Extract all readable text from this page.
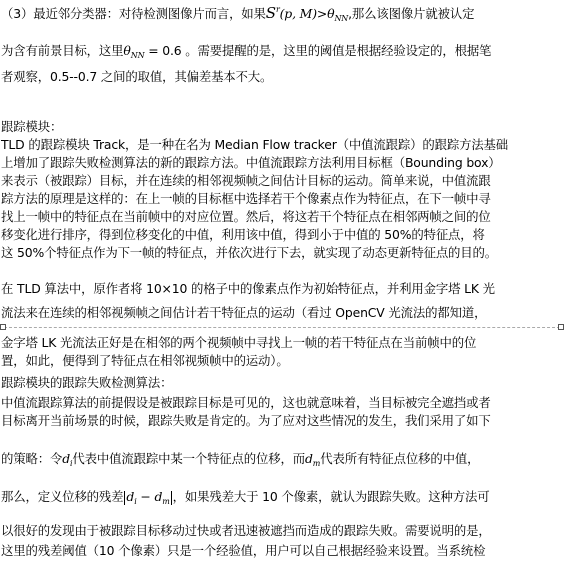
（3）最近邻分类器：对待检测图像片而言，如果$S^r(p$, $M)>\theta_{NN}$,那么该图像片就被认定
为含有前景目标，这里$\theta_{NN} = 0.6$ 。需要提醒的是，这里的阈值是根据经验设定的，根据笔
者观察，0.5--0.7 之间的取值，其偏差基本不大。
跟踪模块：
TLD 的跟踪模块 Track，是一种在名为 Median Flow tracker（中值流跟踪）的跟踪方法基础
上增加了跟踪失败检测算法的新的跟踪方法。中值流跟踪方法利用目标框（Bounding box）
来表示（被跟踪）目标，并在连续的相邻视频帧之间估计目标的运动。简单来说，中值流跟
踪方法的原理是这样的：在上一帧的目标框中选择若干个像素点作为特征点，在下一帧中寻
找上一帧中的特征点在当前帧中的对应位置。然后，将这若干个特征点在相邻两帧之间的位
移变化进行排序，得到位移变化的中值，利用该中值，得到小于中值的 50%的特征点，将
这 50%个特征点作为下一帧的特征点，并依次进行下去，就实现了动态更新特征点的目的。
在 TLD 算法中，原作者将 10×10 的格子中的像素点作为初始特征点，并利用金字塔 LK 光
流法来在连续的相邻视频帧之间估计若干特征点的运动（看过 OpenCV 光流法的都知道，
金字塔 LK 光流法正好是在相邻的两个视频帧中寻找上一帧的若干特征点在当前帧中的位
置，如此，便得到了特征点在相邻视频帧中的运动）。
跟踪模块的跟踪失败检测算法：
中值流跟踪算法的前提假设是被跟踪目标是可见的，这也就意味着，当目标被完全遮挡或者
目标离开当前场景的时候，跟踪失败是肯定的。为了应对这些情况的发生，我们采用了如下
的策略：令$d_i$代表中值流跟踪中某一个特征点的位移，而$d_m$代表所有特征点位移的中值，
那么，定义位移的残差 $d_i - d_m$ ，如果残差大于 10 个像素，就认为跟踪失败。这种方法可
以很好的发现由于被跟踪目标移动过快或者迅速被遮挡而造成的跟踪失败。需要说明的是，
这里的残差阈值（10 个像素）只是一个经验值，用户可以自己根据经验来设置。当系统检
